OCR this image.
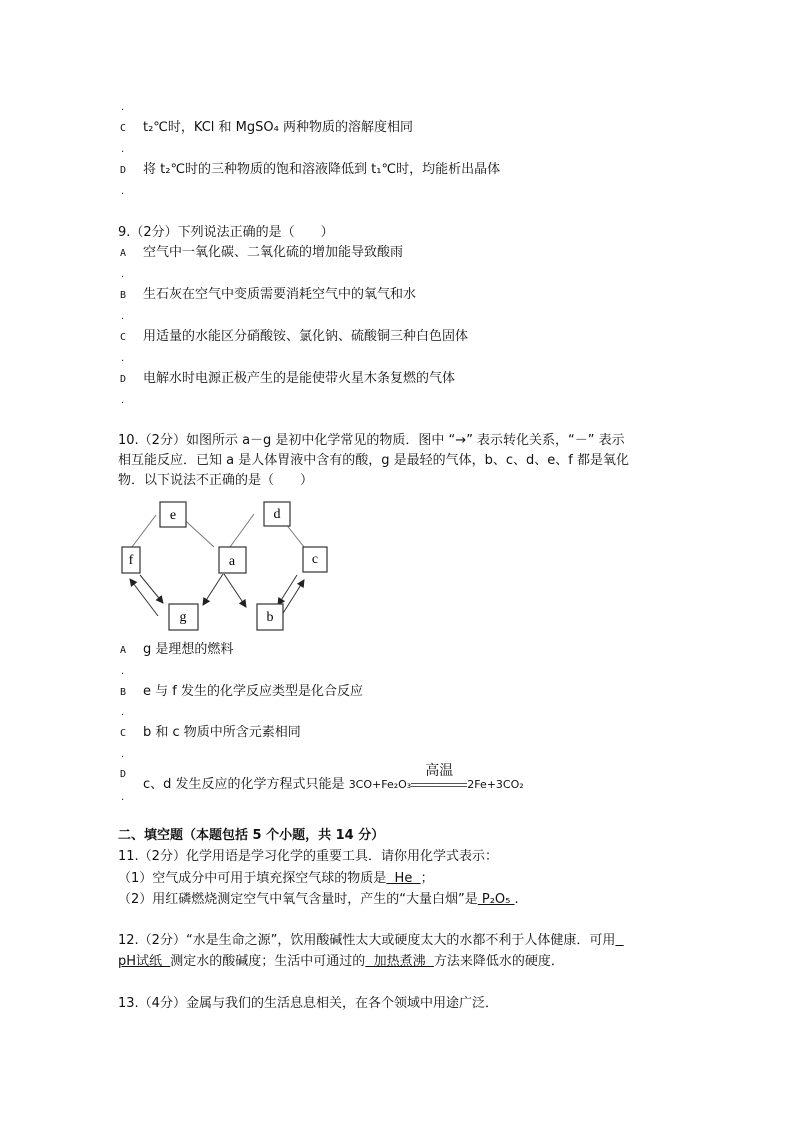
.
C t₂℃时，KCl 和 MgSO₄ 两种物质的溶解度相同
.
D 将 t₂℃时的三种物质的饱和溶液降低到 t₁℃时，均能析出晶体
.
9.（2分）下列说法正确的是（　　）
A 空气中一氧化碳、二氧化硫的增加能导致酸雨
.
B 生石灰在空气中变质需要消耗空气中的氧气和水
.
C 用适量的水能区分硝酸铵、氯化钠、硫酸铜三种白色固体
.
D 电解水时电源正极产生的是能使带火星木条复燃的气体
.
10.（2分）如图所示 a－g 是初中化学常见的物质．图中 “→” 表示转化关系，“－” 表示
相互能反应．已知 a 是人体胃液中含有的酸，g 是最轻的气体，b、c、d、e、f 都是氧化
物．以下说法不正确的是（　　）
e	d
f	a	c
g	b
A g 是理想的燃料
.
B e 与 f 发生的化学反应类型是化合反应
.
C b 和 c 物质中所含元素相同
.
D
c、d 发生反应的化学方程式只能是 3CO+Fe₂O₃
高温
2Fe+3CO₂
.
二、填空题（本题包括 5 个小题，共 14 分）
11.（2分）化学用语是学习化学的重要工具．请你用化学式表示：
（1）空气成分中可用于填充探空气球的物质是  He  ；
（2）用红磷燃烧测定空气中氧气含量时，产生的“大量白烟”是 P₂O₅ .
12.（2分）“水是生命之源”，饮用酸碱性太大或硬度太大的水都不利于人体健康．可用
pH试纸  测定水的酸碱度；生活中可通过的  加热煮沸  方法来降低水的硬度．
13.（4分）金属与我们的生活息息相关，在各个领域中用途广泛．
